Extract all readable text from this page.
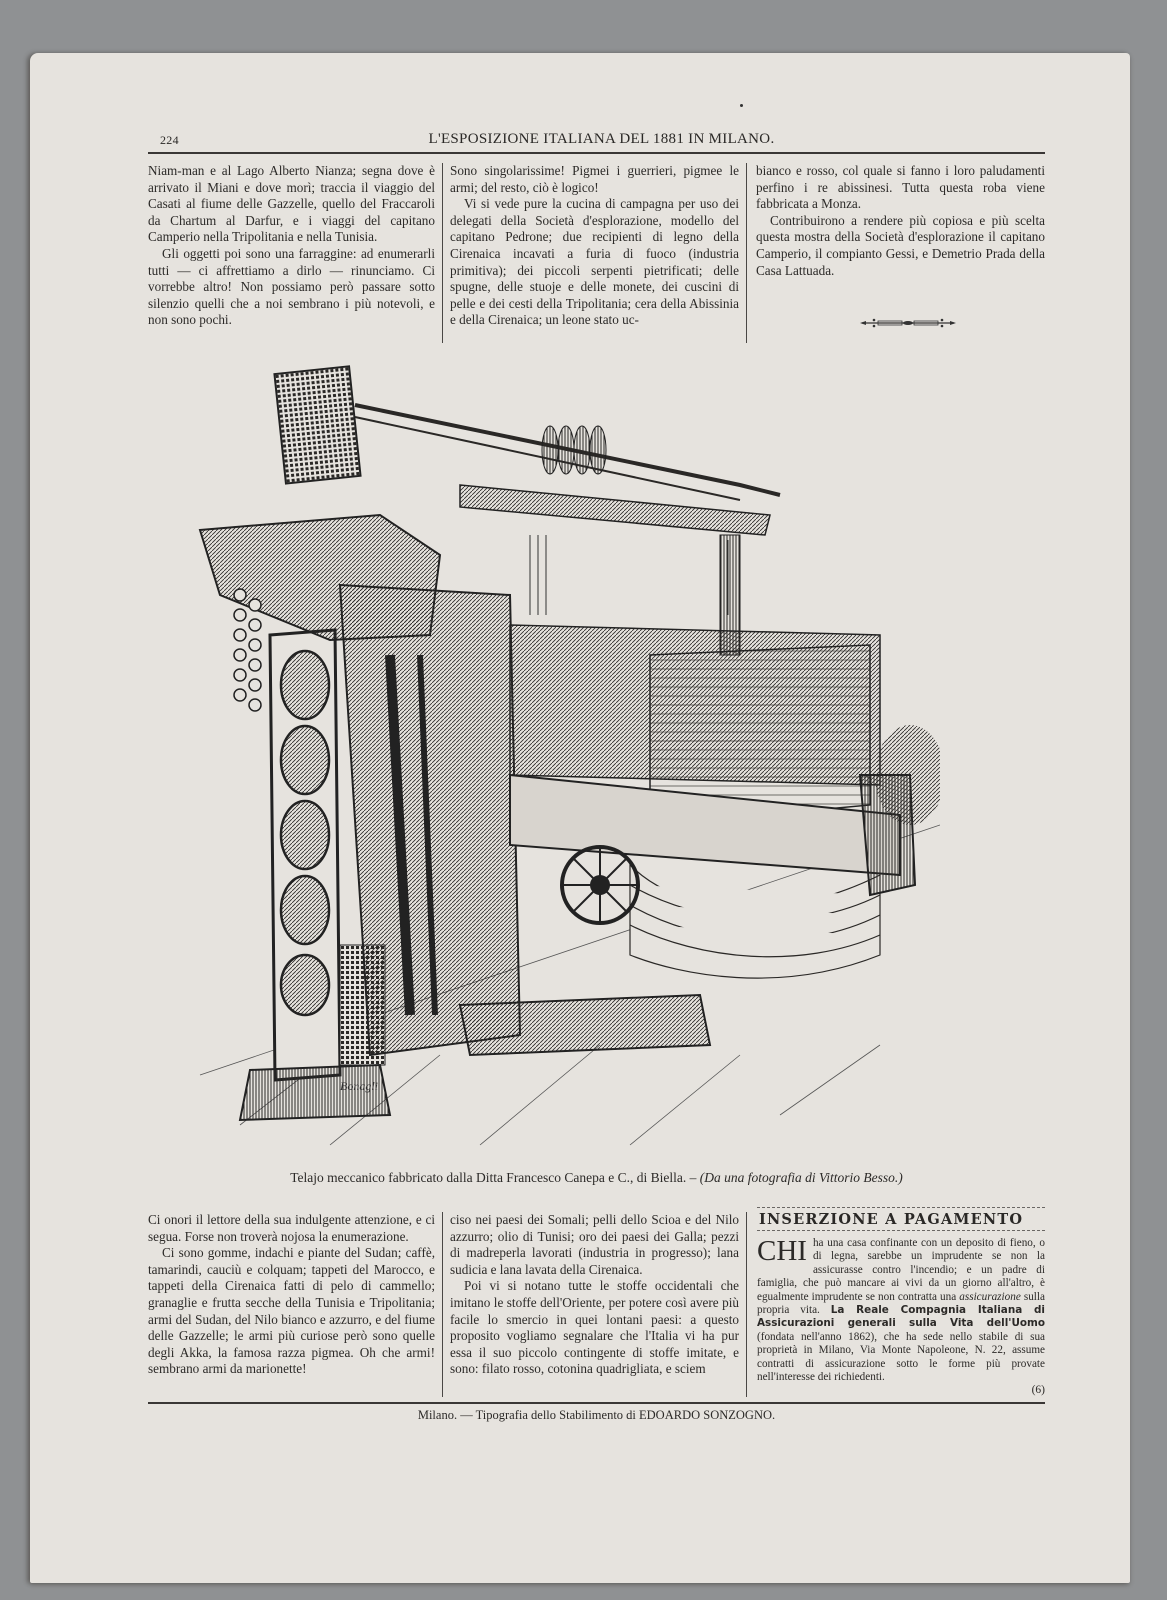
224	L'ESPOSIZIONE ITALIANA DEL 1881 IN MILANO.

Niam-man e al Lago Alberto Nianza; segna dove è arrivato il Miani e dove morì; traccia il viaggio del Casati al fiume delle Gazzelle, quello del Fraccaroli da Chartum al Darfur, e i viaggi del capitano Camperio nella Tripolitania e nella Tunisia.

Gli oggetti poi sono una farraggine: ad enumerarli tutti — ci affrettiamo a dirlo — rinunciamo. Ci vorrebbe altro! Non possiamo però passare sotto silenzio quelli che a noi sembrano i più notevoli, e non sono pochi.

Sono singolarissime! Pigmei i guerrieri, pigmee le armi; del resto, ciò è logico!

Vi si vede pure la cucina di campagna per uso dei delegati della Società d'esplorazione, modello del capitano Pedrone; due recipienti di legno della Cirenaica incavati a furia di fuoco (industria primitiva); dei piccoli serpenti pietrificati; delle spugne, delle stuoje e delle monete, dei cuscini di pelle e dei cesti della Tripolitania; cera della Abissinia e della Cirenaica; un leone stato uc-

bianco e rosso, col quale si fanno i loro paludamenti perfino i re abissinesi. Tutta questa roba viene fabbricata a Monza.

Contribuirono a rendere più copiosa e più scelta questa mostra della Società d'esplorazione il capitano Camperio, il compianto Gessi, e Demetrio Prada della Casa Lattuada.

Bonagli
Telajo meccanico fabbricato dalla Ditta Francesco Canepa e C., di Biella. – (Da una fotografia di Vittorio Besso.)

Ci onori il lettore della sua indulgente attenzione, e ci segua. Forse non troverà nojosa la enumerazione.

Ci sono gomme, indachi e piante del Sudan; caffè, tamarindi, cauciù e colquam; tappeti del Marocco, e tappeti della Cirenaica fatti di pelo di cammello; granaglie e frutta secche della Tunisia e Tripolitania; armi del Sudan, del Nilo bianco e azzurro, e del fiume delle Gazzelle; le armi più curiose però sono quelle degli Akka, la famosa razza pigmea. Oh che armi! sembrano armi da marionette!

ciso nei paesi dei Somali; pelli dello Scioa e del Nilo azzurro; olio di Tunisi; oro dei paesi dei Galla; pezzi di madreperla lavorati (industria in progresso); lana sudicia e lana lavata della Cirenaica.

Poi vi si notano tutte le stoffe occidentali che imitano le stoffe dell'Oriente, per potere così avere più facile lo smercio in quei lontani paesi: a questo proposito vogliamo segnalare che l'Italia vi ha pur essa il suo piccolo contingente di stoffe imitate, e sono: filato rosso, cotonina quadrigliata, e sciem

INSERZIONE A PAGAMENTO
CHI ha una casa confinante con un deposito di fieno, o di legna, sarebbe un imprudente se non la assicurasse contro l'incendio; e un padre di famiglia, che può mancare ai vivi da un giorno all'altro, è egualmente imprudente se non contratta una assicurazione sulla propria vita. La Reale Compagnia Italiana di Assicurazioni generali sulla Vita dell'Uomo (fondata nell'anno 1862), che ha sede nello stabile di sua proprietà in Milano, Via Monte Napoleone, N. 22, assume contratti di assicurazione sotto le forme più provate nell'interesse dei richiedenti.
(6)
Milano. — Tipografia dello Stabilimento di EDOARDO SONZOGNO.
